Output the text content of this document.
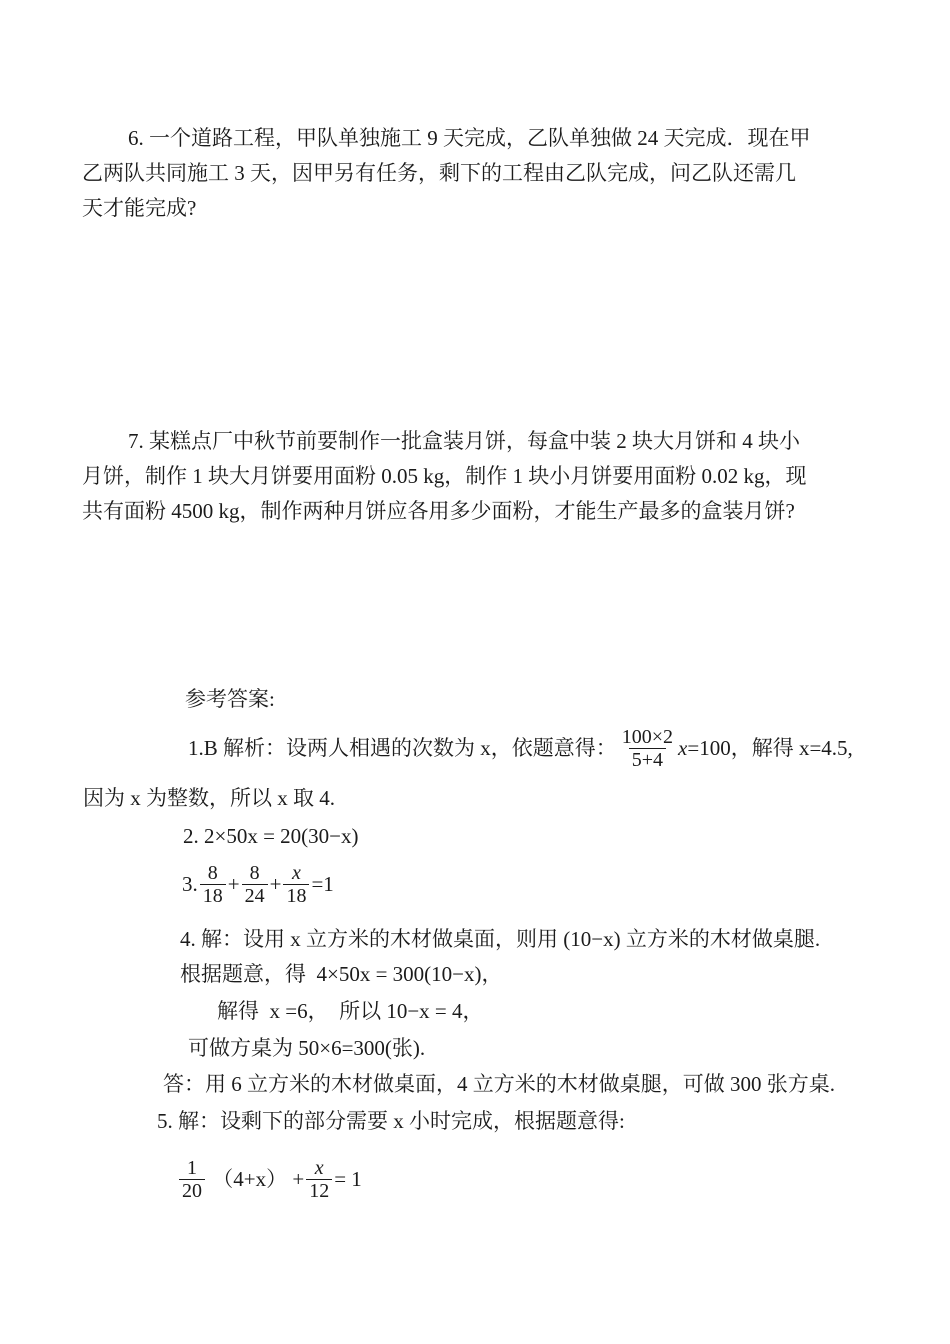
6. 一个道路工程，甲队单独施工 9 天完成，乙队单独做 24 天完成．现在甲
乙两队共同施工 3 天，因甲另有任务，剩下的工程由乙队完成，问乙队还需几
天才能完成?
7. 某糕点厂中秋节前要制作一批盒装月饼，每盒中装 2 块大月饼和 4 块小
月饼，制作 1 块大月饼要用面粉 0.05 kg，制作 1 块小月饼要用面粉 0.02 kg，现
共有面粉 4500 kg，制作两种月饼应各用多少面粉，才能生产最多的盒装月饼?
参考答案:
1.B 解析：设两人相遇的次数为 x，依题意得： $\frac{100\times 2}{5+4}$ x =100，解得 x=4.5,
因为 x 为整数，所以 x 取 4.
2. 2×50x = 20(30−x)
3. $\frac{8}{18} + \frac{8}{24} + \frac{x}{18} =1$
4. 解：设用 x 立方米的木材做桌面，则用 (10−x) 立方米的木材做桌腿.
根据题意，得  4×50x = 300(10−x)，
解得  x =6，  所以 10−x = 4，
可做方桌为 50×6=300(张).
答：用 6 立方米的木材做桌面，4 立方米的木材做桌腿，可做 300 张方桌.
5. 解：设剩下的部分需要 x 小时完成，根据题意得:
$\frac{1}{20} (4+x) + \frac{x}{12} = 1$
